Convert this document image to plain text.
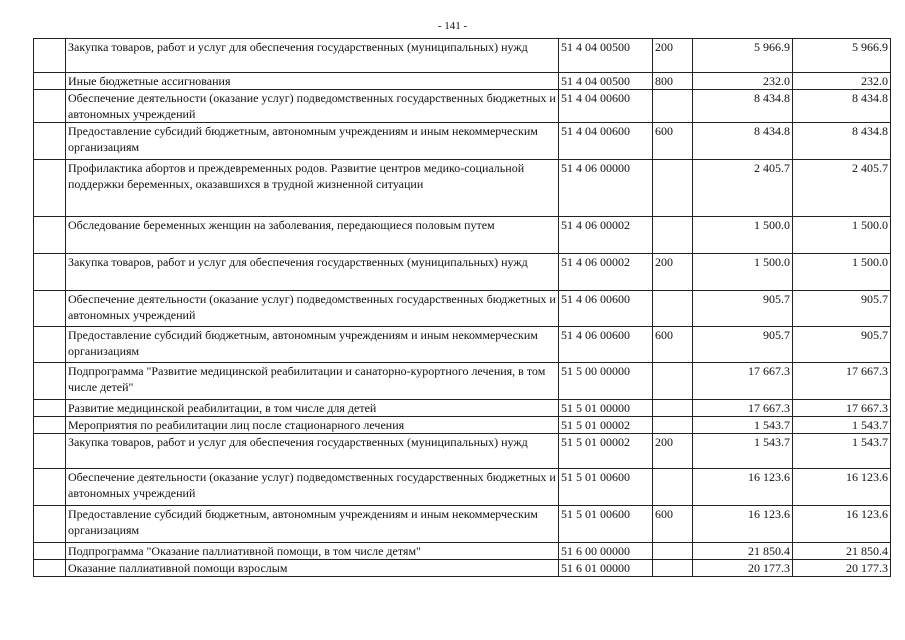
- 141 -
	Закупка товаров, работ и услуг для обеспечения государственных (муниципальных) нужд	51 4 04 00500	200	5 966.9	5 966.9
	Иные бюджетные ассигнования	51 4 04 00500	800	232.0	232.0
	Обеспечение деятельности (оказание услуг) подведомственных государственных бюджетных и автономных учреждений	51 4 04 00600		8 434.8	8 434.8
	Предоставление субсидий бюджетным, автономным учреждениям и иным некоммерческим организациям	51 4 04 00600	600	8 434.8	8 434.8
	Профилактика абортов и преждевременных родов. Развитие центров медико-социальной поддержки беременных, оказавшихся в трудной жизненной ситуации	51 4 06 00000		2 405.7	2 405.7
	Обследование беременных женщин на заболевания, передающиеся половым путем	51 4 06 00002		1 500.0	1 500.0
	Закупка товаров, работ и услуг для обеспечения государственных (муниципальных) нужд	51 4 06 00002	200	1 500.0	1 500.0
	Обеспечение деятельности (оказание услуг) подведомственных государственных бюджетных и автономных учреждений	51 4 06 00600		905.7	905.7
	Предоставление субсидий бюджетным, автономным учреждениям и иным некоммерческим организациям	51 4 06 00600	600	905.7	905.7
	Подпрограмма "Развитие медицинской реабилитации и санаторно-курортного лечения, в том числе детей"	51 5 00 00000		17 667.3	17 667.3
	Развитие медицинской реабилитации, в том числе для детей	51 5 01 00000		17 667.3	17 667.3
	Мероприятия по реабилитации лиц после стационарного лечения	51 5 01 00002		1 543.7	1 543.7
	Закупка товаров, работ и услуг для обеспечения государственных (муниципальных) нужд	51 5 01 00002	200	1 543.7	1 543.7
	Обеспечение деятельности (оказание услуг) подведомственных государственных бюджетных и автономных учреждений	51 5 01 00600		16 123.6	16 123.6
	Предоставление субсидий бюджетным, автономным учреждениям и иным некоммерческим организациям	51 5 01 00600	600	16 123.6	16 123.6
	Подпрограмма "Оказание паллиативной помощи, в том числе детям"	51 6 00 00000		21 850.4	21 850.4
	Оказание паллиативной помощи взрослым	51 6 01 00000		20 177.3	20 177.3
